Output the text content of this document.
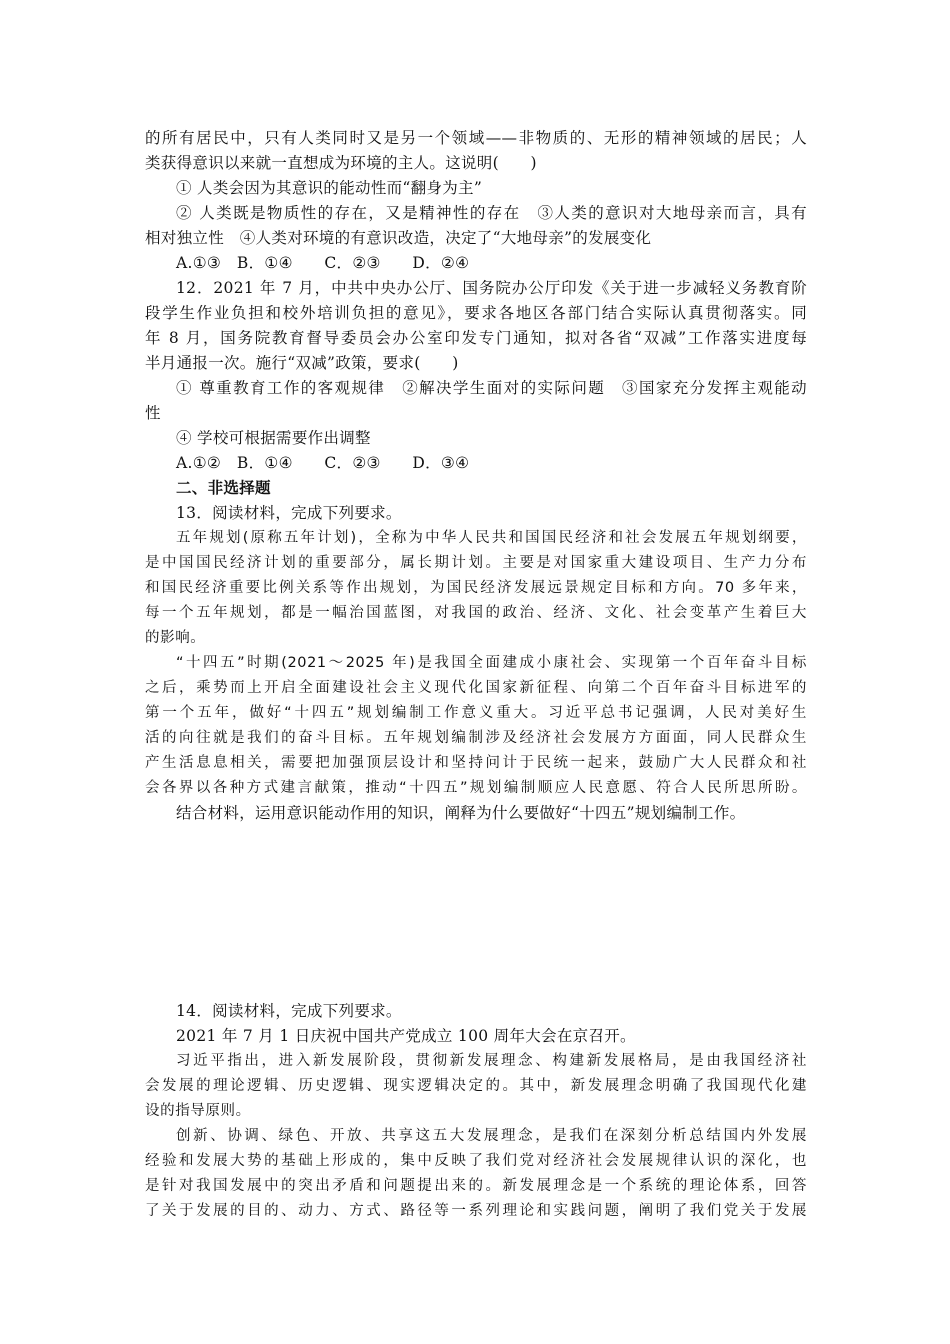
的所有居民中，只有人类同时又是另一个领域——非物质的、无形的精神领域的居民；人
类获得意识以来就一直想成为环境的主人。这说明(　　)
① 人类会因为其意识的能动性而“翻身为主”
② 人类既是物质性的存在，又是精神性的存在　③人类的意识对大地母亲而言，具有
相对独立性　④人类对环境的有意识改造，决定了“大地母亲”的发展变化
A.①③　B．①④　　C．②③　　D．②④
12．2021 年 7 月，中共中央办公厅、国务院办公厅印发《关于进一步减轻义务教育阶
段学生作业负担和校外培训负担的意见》，要求各地区各部门结合实际认真贯彻落实。同
年 8 月，国务院教育督导委员会办公室印发专门通知，拟对各省“双减”工作落实进度每
半月通报一次。施行“双减”政策，要求(　　)
① 尊重教育工作的客观规律　②解决学生面对的实际问题　③国家充分发挥主观能动
性
④ 学校可根据需要作出调整
A.①②　B．①④　　C．②③　　D．③④
二、非选择题
13．阅读材料，完成下列要求。
五年规划(原称五年计划)，全称为中华人民共和国国民经济和社会发展五年规划纲要，
是中国国民经济计划的重要部分，属长期计划。主要是对国家重大建设项目、生产力分布
和国民经济重要比例关系等作出规划，为国民经济发展远景规定目标和方向。70 多年来，
每一个五年规划，都是一幅治国蓝图，对我国的政治、经济、文化、社会变革产生着巨大
的影响。
“十四五”时期(2021～2025 年)是我国全面建成小康社会、实现第一个百年奋斗目标
之后，乘势而上开启全面建设社会主义现代化国家新征程、向第二个百年奋斗目标进军的
第一个五年，做好“十四五”规划编制工作意义重大。习近平总书记强调，人民对美好生
活的向往就是我们的奋斗目标。五年规划编制涉及经济社会发展方方面面，同人民群众生
产生活息息相关，需要把加强顶层设计和坚持问计于民统一起来，鼓励广大人民群众和社
会各界以各种方式建言献策，推动“十四五”规划编制顺应人民意愿、符合人民所思所盼。
结合材料，运用意识能动作用的知识，阐释为什么要做好“十四五”规划编制工作。
14．阅读材料，完成下列要求。
2021 年 7 月 1 日庆祝中国共产党成立 100 周年大会在京召开。
习近平指出，进入新发展阶段，贯彻新发展理念、构建新发展格局，是由我国经济社
会发展的理论逻辑、历史逻辑、现实逻辑决定的。其中，新发展理念明确了我国现代化建
设的指导原则。
创新、协调、绿色、开放、共享这五大发展理念，是我们在深刻分析总结国内外发展
经验和发展大势的基础上形成的，集中反映了我们党对经济社会发展规律认识的深化，也
是针对我国发展中的突出矛盾和问题提出来的。新发展理念是一个系统的理论体系，回答
了关于发展的目的、动力、方式、路径等一系列理论和实践问题，阐明了我们党关于发展
